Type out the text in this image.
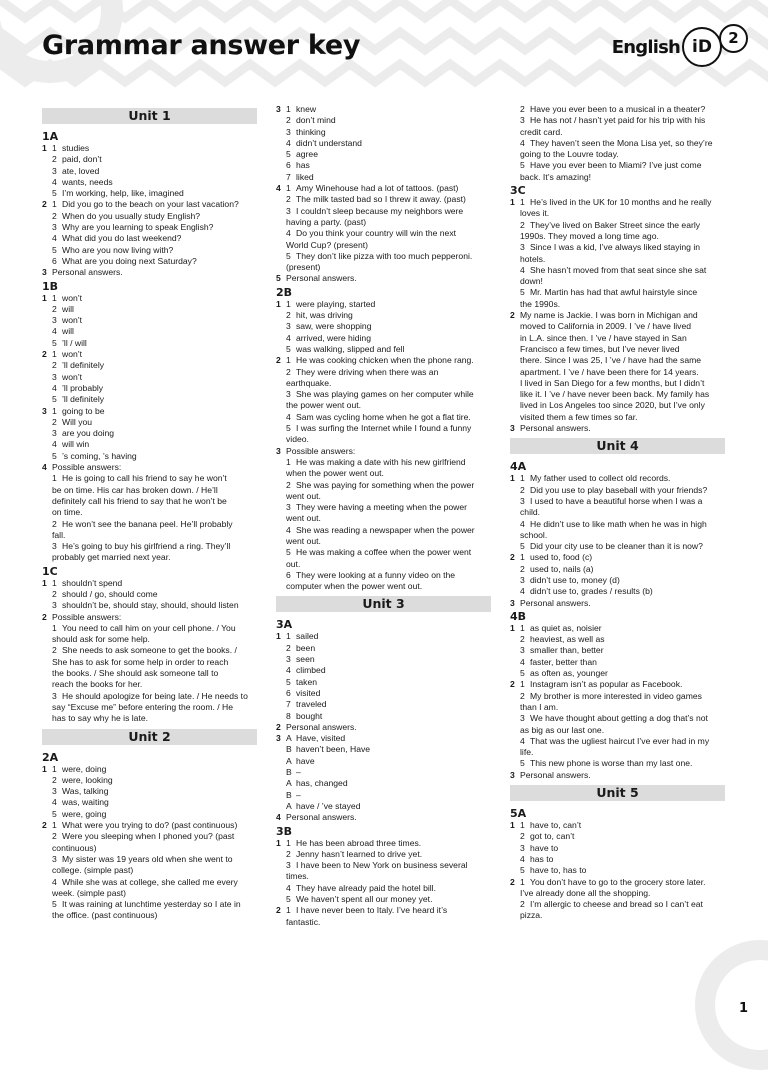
Grammar answer key	English iD	2
Unit 1
1A
1 1 studies
2 paid, don’t
3 ate, loved
4 wants, needs
5 I’m working, help, like, imagined
2 1 Did you go to the beach on your last vacation?
2 When do you usually study English?
3 Why are you learning to speak English?
4 What did you do last weekend?
5 Who are you now living with?
6 What are you doing next Saturday?
3 Personal answers.
1B
1 1 won’t
2 will
3 won’t
4 will
5 ’ll / will
2 1 won’t
2 ’ll definitely
3 won’t
4 ’ll probably
5 ’ll definitely
3 1 going to be
2 Will you
3 are you doing
4 will win
5 ’s coming, ’s having
4 Possible answers:
1 He is going to call his friend to say he won’t
be on time. His car has broken down. / He’ll
definitely call his friend to say that he won’t be
on time.
2 He won’t see the banana peel. He’ll probably
fall.
3 He’s going to buy his girlfriend a ring. They’ll
probably get married next year.
1C
1 1 shouldn’t spend
2 should / go, should come
3 shouldn’t be, should stay, should, should listen
2 Possible answers:
1 You need to call him on your cell phone. / You
should ask for some help.
2 She needs to ask someone to get the books. /
She has to ask for some help in order to reach
the books. / She should ask someone tall to
reach the books for her.
3 He should apologize for being late. / He needs to
say “Excuse me” before entering the room. / He
has to say why he is late.
Unit 2
2A
1 1 were, doing
2 were, looking
3 Was, talking
4 was, waiting
5 were, going
2 1 What were you trying to do? (past continuous)
2 Were you sleeping when I phoned you? (past
continuous)
3 My sister was 19 years old when she went to
college. (simple past)
4 While she was at college, she called me every
week. (simple past)
5 It was raining at lunchtime yesterday so I ate in
the office. (past continuous)
3 1 knew
2 don’t mind
3 thinking
4 didn’t understand
5 agree
6 has
7 liked
4 1 Amy Winehouse had a lot of tattoos. (past)
2 The milk tasted bad so I threw it away. (past)
3 I couldn’t sleep because my neighbors were
having a party. (past)
4 Do you think your country will win the next
World Cup? (present)
5 They don’t like pizza with too much pepperoni.
(present)
5 Personal answers.
2B
1 1 were playing, started
2 hit, was driving
3 saw, were shopping
4 arrived, were hiding
5 was walking, slipped and fell
2 1 He was cooking chicken when the phone rang.
2 They were driving when there was an
earthquake.
3 She was playing games on her computer while
the power went out.
4 Sam was cycling home when he got a flat tire.
5 I was surfing the Internet while I found a funny
video.
3 Possible answers:
1 He was making a date with his new girlfriend
when the power went out.
2 She was paying for something when the power
went out.
3 They were having a meeting when the power
went out.
4 She was reading a newspaper when the power
went out.
5 He was making a coffee when the power went
out.
6 They were looking at a funny video on the
computer when the power went out.
Unit 3
3A
1 1 sailed
2 been
3 seen
4 climbed
5 taken
6 visited
7 traveled
8 bought
2 Personal answers.
3 A Have, visited
B haven’t been, Have
A have
B –
A has, changed
B –
A have / ’ve stayed
4 Personal answers.
3B
1 1 He has been abroad three times.
2 Jenny hasn’t learned to drive yet.
3 I have been to New York on business several
times.
4 They have already paid the hotel bill.
5 We haven’t spent all our money yet.
2 1 I have never been to Italy. I’ve heard it’s
fantastic.
2 Have you ever been to a musical in a theater?
3 He has not / hasn’t yet paid for his trip with his
credit card.
4 They haven’t seen the Mona Lisa yet, so they’re
going to the Louvre today.
5 Have you ever been to Miami? I’ve just come
back. It’s amazing!
3C
1 1 He’s lived in the UK for 10 months and he really
loves it.
2 They’ve lived on Baker Street since the early
1990s. They moved a long time ago.
3 Since I was a kid, I’ve always liked staying in
hotels.
4 She hasn’t moved from that seat since she sat
down!
5 Mr. Martin has had that awful hairstyle since
the 1990s.
2 My name is Jackie. I was born in Michigan and
moved to California in 2009. I ’ve / have lived
in L.A. since then. I ’ve / have stayed in San
Francisco a few times, but I’ve never lived
there. Since I was 25, I ’ve / have had the same
apartment. I ’ve / have been there for 14 years.
I lived in San Diego for a few months, but I didn’t
like it. I ’ve / have never been back. My family has
lived in Los Angeles too since 2020, but I’ve only
visited them a few times so far.
3 Personal answers.
Unit 4
4A
1 1 My father used to collect old records.
2 Did you use to play baseball with your friends?
3 I used to have a beautiful horse when I was a
child.
4 He didn’t use to like math when he was in high
school.
5 Did your city use to be cleaner than it is now?
2 1 used to, food (c)
2 used to, nails (a)
3 didn’t use to, money (d)
4 didn’t use to, grades / results (b)
3 Personal answers.
4B
1 1 as quiet as, noisier
2 heaviest, as well as
3 smaller than, better
4 faster, better than
5 as often as, younger
2 1 Instagram isn’t as popular as Facebook.
2 My brother is more interested in video games
than I am.
3 We have thought about getting a dog that’s not
as big as our last one.
4 That was the ugliest haircut I’ve ever had in my
life.
5 This new phone is worse than my last one.
3 Personal answers.
Unit 5
5A
1 1 have to, can’t
2 got to, can’t
3 have to
4 has to
5 have to, has to
2 1 You don’t have to go to the grocery store later.
I’ve already done all the shopping.
2 I’m allergic to cheese and bread so I can’t eat
pizza.
1
